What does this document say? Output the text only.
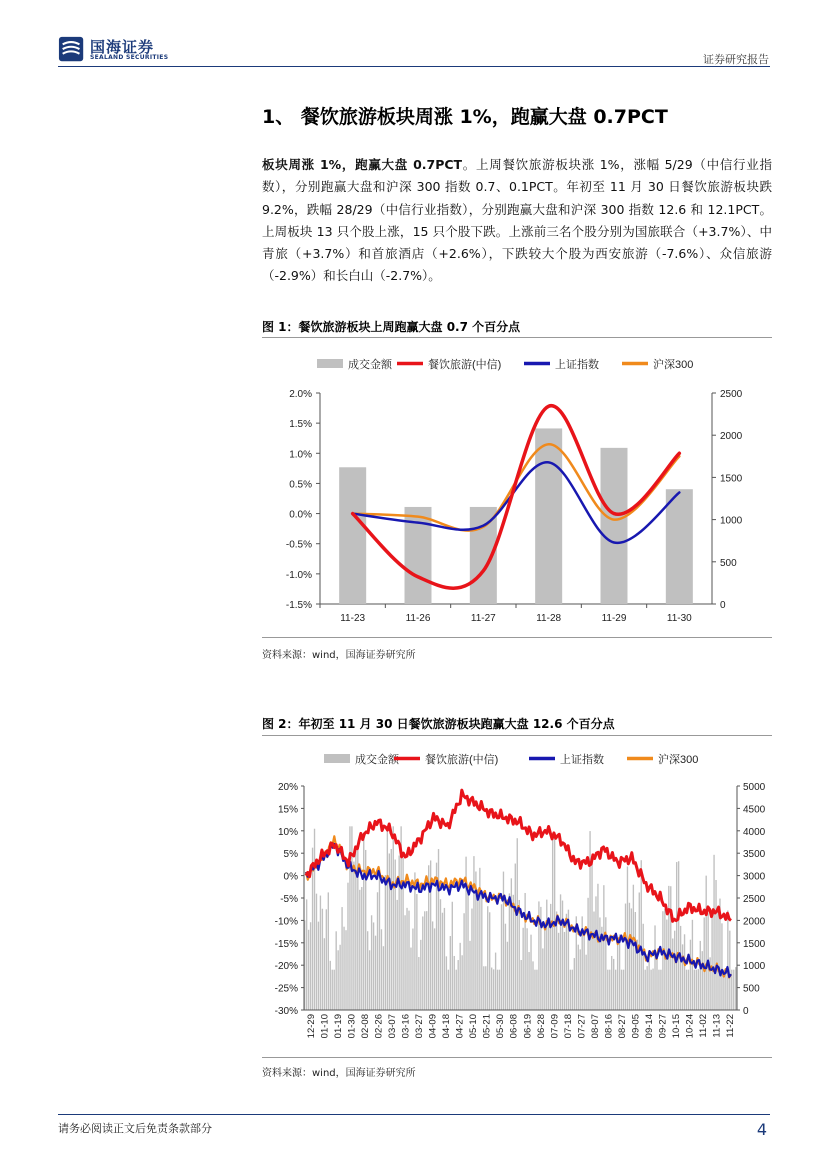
国海证券
SEALAND SECURITIES	证券研究报告
1、 餐饮旅游板块周涨 1%，跑赢大盘 0.7PCT
板块周涨 1%，跑赢大盘 0.7PCT。上周餐饮旅游板块涨 1%，涨幅 5/29（中信行业指数），分别跑赢大盘和沪深 300 指数 0.7、0.1PCT。年初至 11 月 30 日餐饮旅游板块跌 9.2%，跌幅 28/29（中信行业指数），分别跑赢大盘和沪深 300 指数 12.6 和 12.1PCT。上周板块 13 只个股上涨，15 只个股下跌。上涨前三名个股分别为国旅联合（+3.7%）、中青旅（+3.7%）和首旅酒店（+2.6%），下跌较大个股为西安旅游（-7.6%）、众信旅游（-2.9%）和长白山（-2.7%）。
图 1：餐饮旅游板块上周跑赢大盘 0.7 个百分点
成交金额	餐饮旅游(中信)	上证指数	沪深300
2.0%
1.5%
1.0%
0.5%
0.0%
-0.5%
-1.0%
-1.5%
2500
2000
1500
1000
500
0
11-23	11-26	11-27	11-28	11-29	11-30
资料来源：wind，国海证券研究所
图 2：年初至 11 月 30 日餐饮旅游板块跑赢大盘 12.6 个百分点
成交金额 餐饮旅游(中信)	上证指数	沪深300
20%
15%
10%
5%
0%
-5%
-10%
-15%
-20%
-25%
-30%
5000
4500
4000
3500
3000
2500
2000
1500
1000
500
0
12-29 01-10 01-19 01-30 02-08 02-26 03-07 03-16 03-27 04-09 04-18 04-27 05-10 05-21 05-30 06-08 06-19 06-28 07-09 07-18 07-27 08-07 08-16 08-27 09-05 09-14 09-27 10-15 10-24 11-02 11-13 11-22
资料来源：wind，国海证券研究所
请务必阅读正文后免责条款部分	4
